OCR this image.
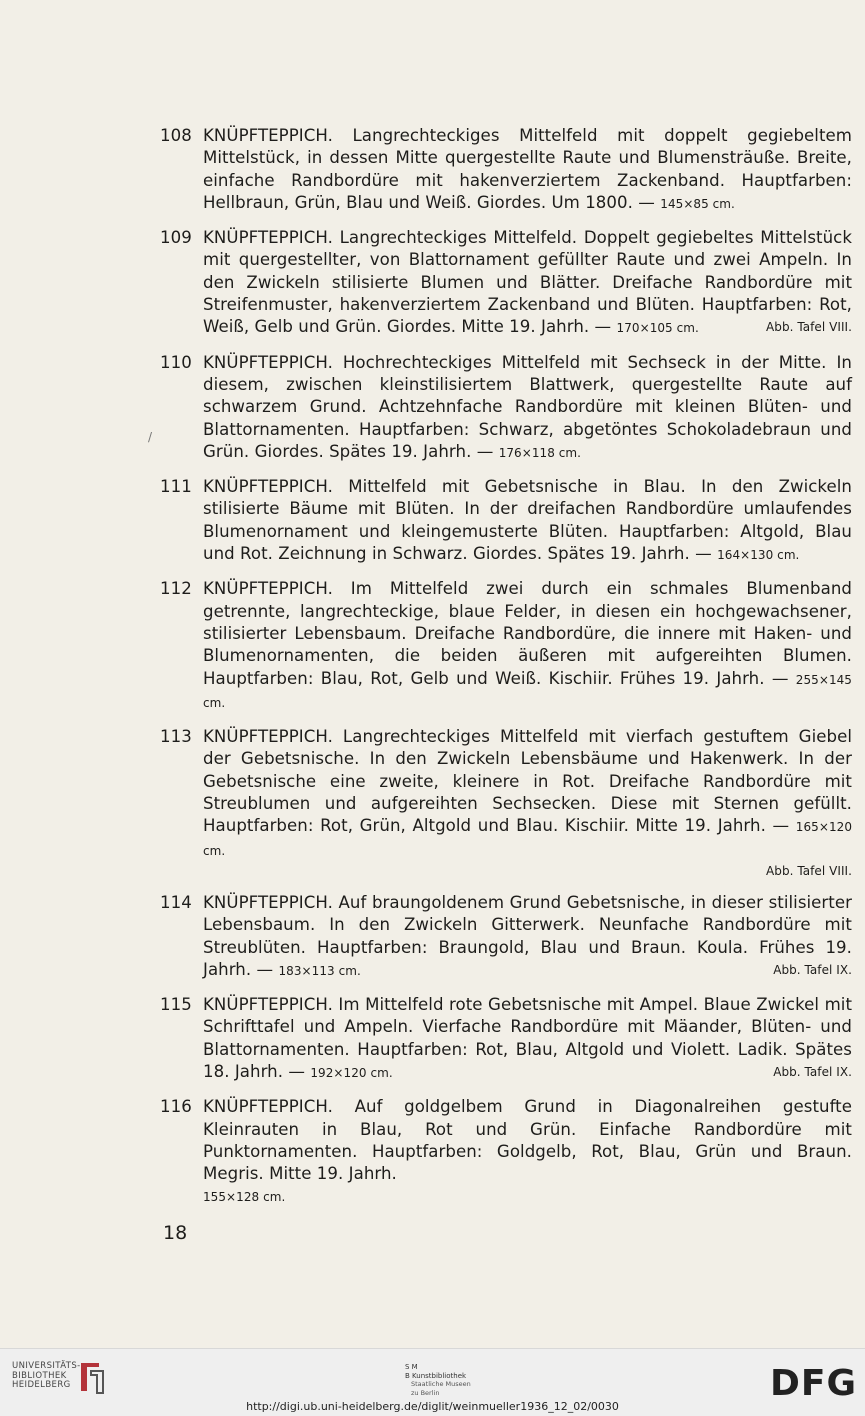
/
108 KNÜPFTEPPICH. Langrechteckiges Mittelfeld mit doppelt gegiebeltem Mittelstück, in dessen Mitte quergestellte Raute und Blumensträuße. Breite, einfache Randbordüre mit hakenverziertem Zackenband. Hauptfarben: Hellbraun, Grün, Blau und Weiß. Giordes. Um 1800. — 145×85 cm.
109 KNÜPFTEPPICH. Langrechteckiges Mittelfeld. Doppelt gegiebeltes Mittelstück mit quergestellter, von Blattornament gefüllter Raute und zwei Ampeln. In den Zwickeln stilisierte Blumen und Blätter. Dreifache Randbordüre mit Streifenmuster, hakenverziertem Zackenband und Blüten. Hauptfarben: Rot, Weiß, Gelb und Grün. Giordes. Mitte 19. Jahrh. — 170×105 cm.	Abb. Tafel VIII.
110 KNÜPFTEPPICH. Hochrechteckiges Mittelfeld mit Sechseck in der Mitte. In diesem, zwischen kleinstilisiertem Blattwerk, quergestellte Raute auf schwarzem Grund. Achtzehnfache Randbordüre mit kleinen Blüten- und Blattornamenten. Hauptfarben: Schwarz, abgetöntes Schokoladebraun und Grün. Giordes. Spätes 19. Jahrh. — 176×118 cm.
111 KNÜPFTEPPICH. Mittelfeld mit Gebetsnische in Blau. In den Zwickeln stilisierte Bäume mit Blüten. In der dreifachen Randbordüre umlaufendes Blumenornament und kleingemusterte Blüten. Hauptfarben: Altgold, Blau und Rot. Zeichnung in Schwarz. Giordes. Spätes 19. Jahrh. — 164×130 cm.
112 KNÜPFTEPPICH. Im Mittelfeld zwei durch ein schmales Blumenband getrennte, langrechteckige, blaue Felder, in diesen ein hochgewachsener, stilisierter Lebensbaum. Dreifache Randbordüre, die innere mit Haken- und Blumenornamenten, die beiden äußeren mit aufgereihten Blumen. Hauptfarben: Blau, Rot, Gelb und Weiß. Kischiir. Frühes 19. Jahrh. — 255×145 cm.
113 KNÜPFTEPPICH. Langrechteckiges Mittelfeld mit vierfach gestuftem Giebel der Gebetsnische. In den Zwickeln Lebensbäume und Hakenwerk. In der Gebetsnische eine zweite, kleinere in Rot. Dreifache Randbordüre mit Streublumen und aufgereihten Sechsecken. Diese mit Sternen gefüllt. Hauptfarben: Rot, Grün, Altgold und Blau. Kischiir. Mitte 19. Jahrh. — 165×120 cm.
Abb. Tafel VIII.
114 KNÜPFTEPPICH. Auf braungoldenem Grund Gebetsnische, in dieser stilisierter Lebensbaum. In den Zwickeln Gitterwerk. Neunfache Randbordüre mit Streublüten. Hauptfarben: Braungold, Blau und Braun. Koula. Frühes 19. Jahrh. — 183×113 cm.	Abb. Tafel IX.
115 KNÜPFTEPPICH. Im Mittelfeld rote Gebetsnische mit Ampel. Blaue Zwickel mit Schrifttafel und Ampeln. Vierfache Randbordüre mit Mäander, Blüten- und Blattornamenten. Hauptfarben: Rot, Blau, Altgold und Violett. Ladik. Spätes 18. Jahrh. — 192×120 cm.	Abb. Tafel IX.
116 KNÜPFTEPPICH. Auf goldgelbem Grund in Diagonalreihen gestufte Kleinrauten in Blau, Rot und Grün. Einfache Randbordüre mit Punktornamenten. Hauptfarben: Goldgelb, Rot, Blau, Grün und Braun. Megris. Mitte 19. Jahrh.
155×128 cm.
18
UNIVERSITÄTS-
BIBLIOTHEK
HEIDELBERG
S M
B Kunstbibliothek
Staatliche Museen
zu Berlin	DFG
http://digi.ub.uni-heidelberg.de/diglit/weinmueller1936_12_02/0030
